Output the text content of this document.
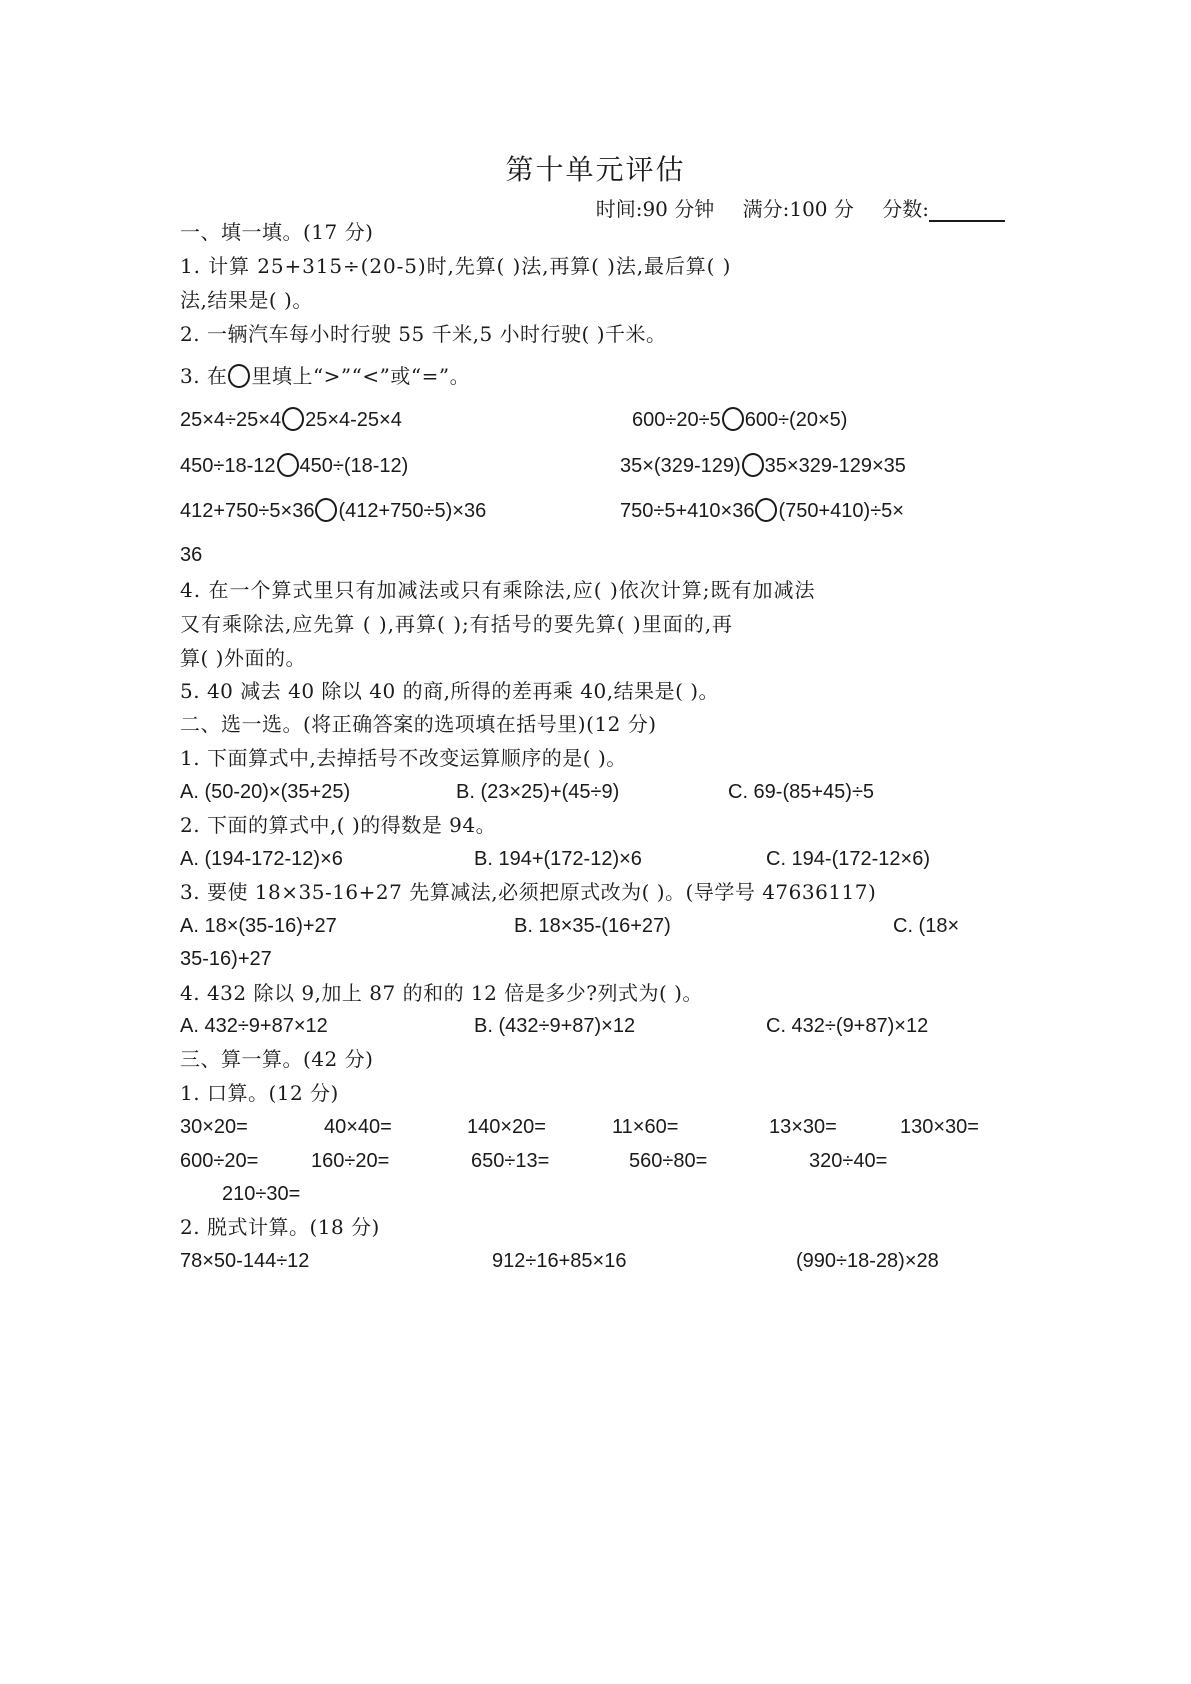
第十单元评估
时间:90 分钟 满分:100 分 分数:
一、填一填。(17 分)
1. 计算 25+315÷(20-5)时,先算( )法,再算( )法,最后算( )
法,结果是( )。
2. 一辆汽车每小时行驶 55 千米,5 小时行驶( )千米。
3. 在 里填上“>”“<”或“=”。
25×4÷25×4 25×4-25×4	600÷20÷5 600÷(20×5)
450÷18-12 450÷(18-12)	35×(329-129) 35×329-129×35
412+750÷5×36 (412+750÷5)×36	750÷5+410×36 (750+410)÷5×
36
4. 在一个算式里只有加减法或只有乘除法,应( )依次计算;既有加减法
又有乘除法,应先算 ( ),再算( );有括号的要先算( )里面的,再
算( )外面的。
5. 40 减去 40 除以 40 的商,所得的差再乘 40,结果是( )。
二、选一选。(将正确答案的选项填在括号里)(12 分)
1. 下面算式中,去掉括号不改变运算顺序的是( )。
A. (50-20)×(35+25)	B. (23×25)+(45÷9)	C. 69-(85+45)÷5
2. 下面的算式中,( )的得数是 94。
A. (194-172-12)×6	B. 194+(172-12)×6	C. 194-(172-12×6)
3. 要使 18×35-16+27 先算减法,必须把原式改为( )。(导学号 47636117)
A. 18×(35-16)+27	B. 18×35-(16+27)	C. (18×
35-16)+27
4. 432 除以 9,加上 87 的和的 12 倍是多少?列式为( )。
A. 432÷9+87×12	B. (432÷9+87)×12	C. 432÷(9+87)×12
三、算一算。(42 分)
1. 口算。(12 分)
30×20=	40×40=	140×20=	11×60=	13×30=	130×30=
600÷20=	160÷20=	650÷13=	560÷80=	320÷40=
210÷30=
2. 脱式计算。(18 分)
78×50-144÷12	912÷16+85×16	(990÷18-28)×28
